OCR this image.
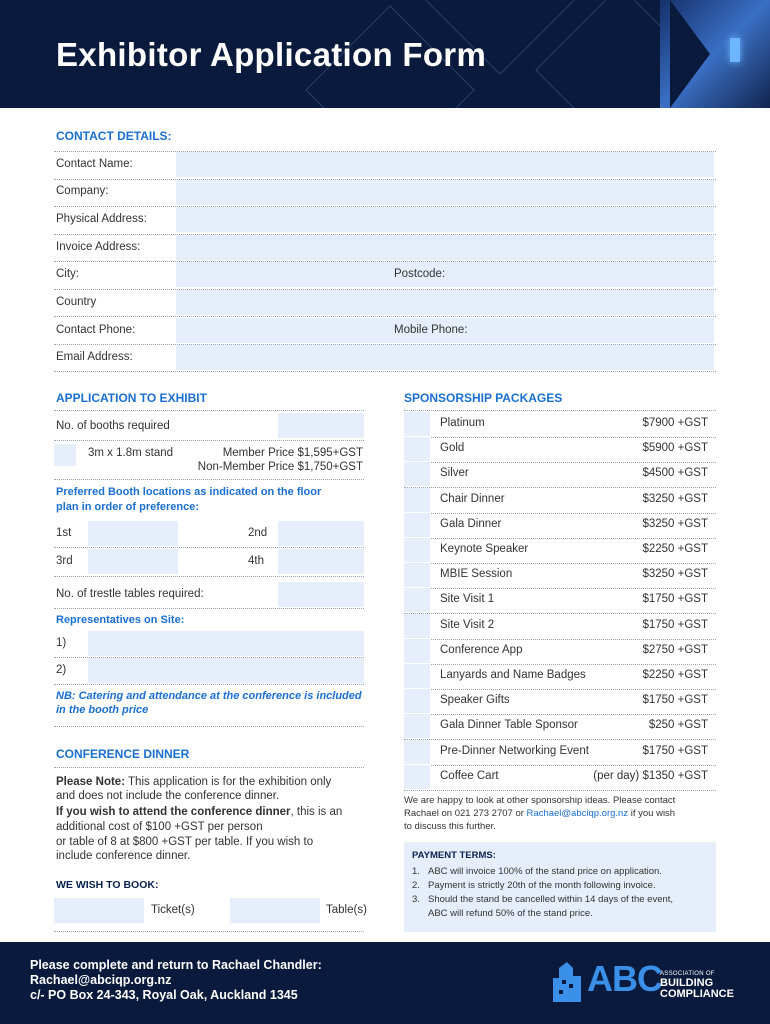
Exhibitor Application Form
CONTACT DETAILS:
Contact Name:
Company:
Physical Address:
Invoice Address:
City:	Postcode:
Country
Contact Phone:	Mobile Phone:
Email Address:
APPLICATION TO EXHIBIT
No. of booths required
3m x 1.8m stand	Member Price $1,595+GST
Non-Member Price $1,750+GST
Preferred Booth locations as indicated on the floor
plan in order of preference:
1st	2nd
3rd	4th
No. of trestle tables required:
Representatives on Site:
1)
2)
NB: Catering and attendance at the conference is included
in the booth price
CONFERENCE DINNER
Please Note: This application is for the exhibition only
and does not include the conference dinner.
If you wish to attend the conference dinner, this is an
additional cost of $100 +GST per person
or table of 8 at $800 +GST per table. If you wish to
include conference dinner.
WE WISH TO BOOK:
Ticket(s)	Table(s)
SPONSORSHIP PACKAGES
Platinum	$7900 +GST
Gold	$5900 +GST
Silver	$4500 +GST
Chair Dinner	$3250 +GST
Gala Dinner	$3250 +GST
Keynote Speaker	$2250 +GST
MBIE Session	$3250 +GST
Site Visit 1	$1750 +GST
Site Visit 2	$1750 +GST
Conference App	$2750 +GST
Lanyards and Name Badges	$2250 +GST
Speaker Gifts	$1750 +GST
Gala Dinner Table Sponsor	$250 +GST
Pre-Dinner Networking Event	$1750 +GST
Coffee Cart	(per day) $1350 +GST
We are happy to look at other sponsorship ideas. Please contact
Rachael on 021 273 2707 or Rachael@abciqp.org.nz if you wish
to discuss this further.
PAYMENT TERMS:
1. ABC will invoice 100% of the stand price on application.
2. Payment is strictly 20th of the month following invoice.
3. Should the stand be cancelled within 14 days of the event,
ABC will refund 50% of the stand price.
Please complete and return to Rachael Chandler:
Rachael@abciqp.org.nz
c/- PO Box 24-343, Royal Oak, Auckland 1345	ABC
ASSOCIATION OF
BUILDING
COMPLIANCE
